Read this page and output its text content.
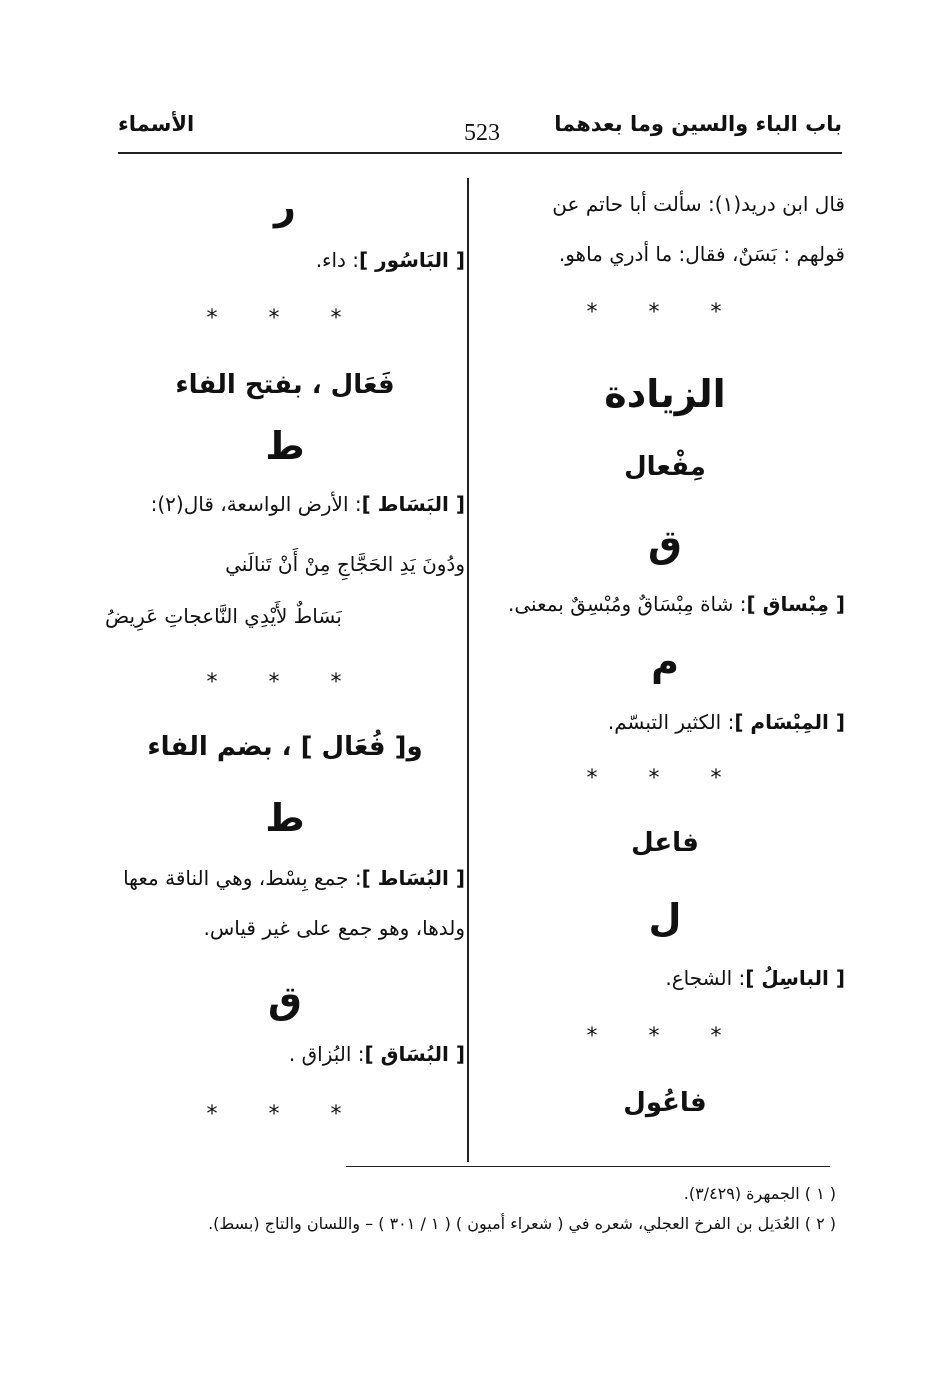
باب الباء والسين وما بعدهما
523
الأسماء
قال ابن دريد(١): سألت أبا حاتم عن
قولهم : بَسَنٌ، فقال: ما أدري ماهو.
* * *
الزيادة
مِفْعال
ق
[ مِبْساق ]: شاة مِبْسَاقٌ ومُبْسِقٌ بمعنى.
م
[ المِبْسَام ]: الكثير التبسّم.
* * *
فاعل
ل
[ الباسِلُ ]: الشجاع.
* * *
فاعُول
ر
[ البَاسُور ]: داء.
* * *
فَعَال ، بفتح الفاء
ط
[ البَسَاط ]: الأرض الواسعة، قال(٢):
ودُونَ يَدِ الحَجَّاجِ مِنْ أَنْ تَنالَني
بَسَاطٌ لأَيْدِي النَّاعجاتِ عَرِيضُ
* * *
و[ فُعَال ] ، بضم الفاء
ط
[ البُسَاط ]: جمع بِسْط، وهي الناقة معها
ولدها، وهو جمع على غير قياس.
ق
[ البُسَاق ]: البُزاق .
* * *
( ١ ) الجمهرة (٣/٤٢٩).
( ٢ ) العُدَيل بن الفرخ العجلي، شعره في ( شعراء أميون ) ( ١ / ٣٠١ ) – واللسان والتاج (بسط).
